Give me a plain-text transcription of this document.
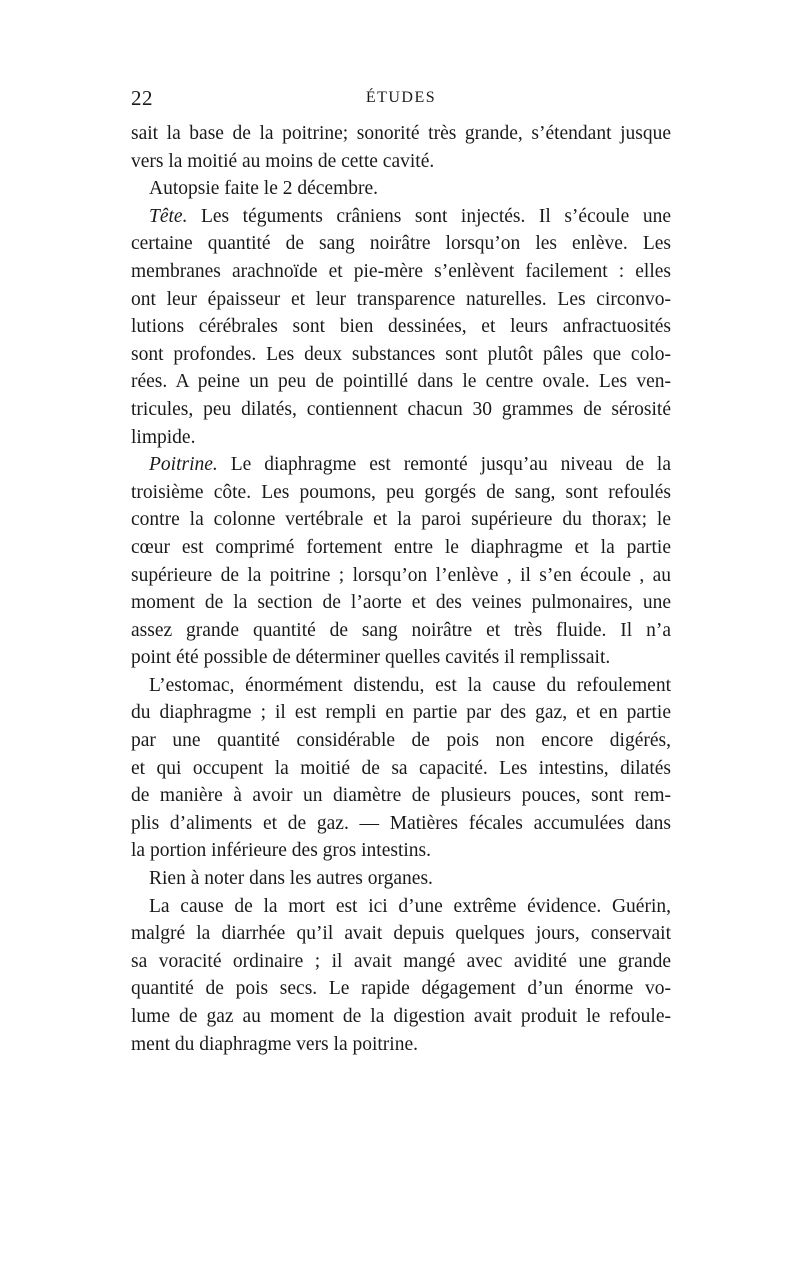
22	ÉTUDES
sait la base de la poitrine; sonorité très grande, s’étendant jusque
vers la moitié au moins de cette cavité.
Autopsie faite le 2 décembre.
Tête. Les téguments crâniens sont injectés. Il s’écoule une
certaine quantité de sang noirâtre lorsqu’on les enlève. Les
membranes arachnoïde et pie-mère s’enlèvent facilement : elles
ont leur épaisseur et leur transparence naturelles. Les circonvo-
lutions cérébrales sont bien dessinées, et leurs anfractuosités
sont profondes. Les deux substances sont plutôt pâles que colo-
rées. A peine un peu de pointillé dans le centre ovale. Les ven-
tricules, peu dilatés, contiennent chacun 30 grammes de sérosité
limpide.
Poitrine. Le diaphragme est remonté jusqu’au niveau de la
troisième côte. Les poumons, peu gorgés de sang, sont refoulés
contre la colonne vertébrale et la paroi supérieure du thorax; le
cœur est comprimé fortement entre le diaphragme et la partie
supérieure de la poitrine ; lorsqu’on l’enlève , il s’en écoule , au
moment de la section de l’aorte et des veines pulmonaires, une
assez grande quantité de sang noirâtre et très fluide. Il n’a
point été possible de déterminer quelles cavités il remplissait.
L’estomac, énormément distendu, est la cause du refoulement
du diaphragme ; il est rempli en partie par des gaz, et en partie
par une quantité considérable de pois non encore digérés,
et qui occupent la moitié de sa capacité. Les intestins, dilatés
de manière à avoir un diamètre de plusieurs pouces, sont rem-
plis d’aliments et de gaz. — Matières fécales accumulées dans
la portion inférieure des gros intestins.
Rien à noter dans les autres organes.
La cause de la mort est ici d’une extrême évidence. Guérin,
malgré la diarrhée qu’il avait depuis quelques jours, conservait
sa voracité ordinaire ; il avait mangé avec avidité une grande
quantité de pois secs. Le rapide dégagement d’un énorme vo-
lume de gaz au moment de la digestion avait produit le refoule-
ment du diaphragme vers la poitrine.
